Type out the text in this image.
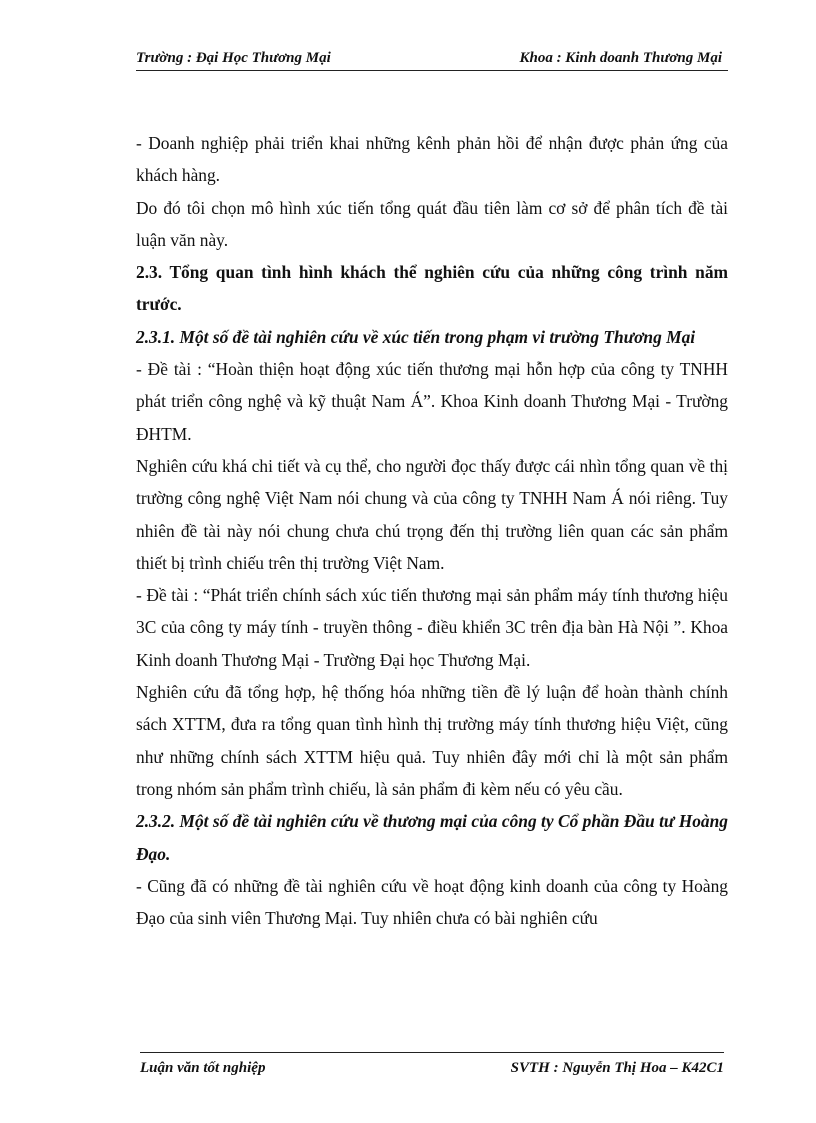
Trường : Đại Học Thương Mại	Khoa : Kinh doanh Thương Mại

- Doanh nghiệp phải triển khai những kênh phản hồi để nhận được phản ứng của khách hàng.

Do đó tôi chọn mô hình xúc tiến tổng quát đầu tiên làm cơ sở để phân tích đề tài luận văn này.

2.3. Tổng quan tình hình khách thể nghiên cứu của những công trình năm trước.
2.3.1. Một số đề tài nghiên cứu về xúc tiến trong phạm vi trường Thương Mại

- Đề tài : “Hoàn thiện hoạt động xúc tiến thương mại hỗn hợp của công ty TNHH phát triển công nghệ và kỹ thuật Nam Á”. Khoa Kinh doanh Thương Mại - Trường ĐHTM.

Nghiên cứu khá chi tiết và cụ thể, cho người đọc thấy được cái nhìn tổng quan về thị trường công nghệ Việt Nam nói chung và của công ty TNHH Nam Á nói riêng. Tuy nhiên đề tài này nói chung chưa chú trọng đến thị trường liên quan các sản phẩm thiết bị trình chiếu trên thị trường Việt Nam.

- Đề tài : “Phát triển chính sách xúc tiến thương mại sản phẩm máy tính thương hiệu 3C của công ty máy tính - truyền thông - điều khiển 3C trên địa bàn Hà Nội ”. Khoa Kinh doanh Thương Mại - Trường Đại học Thương Mại.

Nghiên cứu đã tổng hợp, hệ thống hóa những tiền đề lý luận để hoàn thành chính sách XTTM, đưa ra tổng quan tình hình thị trường máy tính thương hiệu Việt, cũng như những chính sách XTTM hiệu quả. Tuy nhiên đây mới chỉ là một sản phẩm trong nhóm sản phẩm trình chiếu, là sản phẩm đi kèm nếu có yêu cầu.

2.3.2. Một số đề tài nghiên cứu về thương mại của công ty Cổ phần Đầu tư Hoàng Đạo.

- Cũng đã có những đề tài nghiên cứu về hoạt động kinh doanh của công ty Hoàng Đạo của sinh viên Thương Mại. Tuy nhiên chưa có bài nghiên cứu

Luận văn tốt nghiệp	SVTH : Nguyễn Thị Hoa – K42C1
